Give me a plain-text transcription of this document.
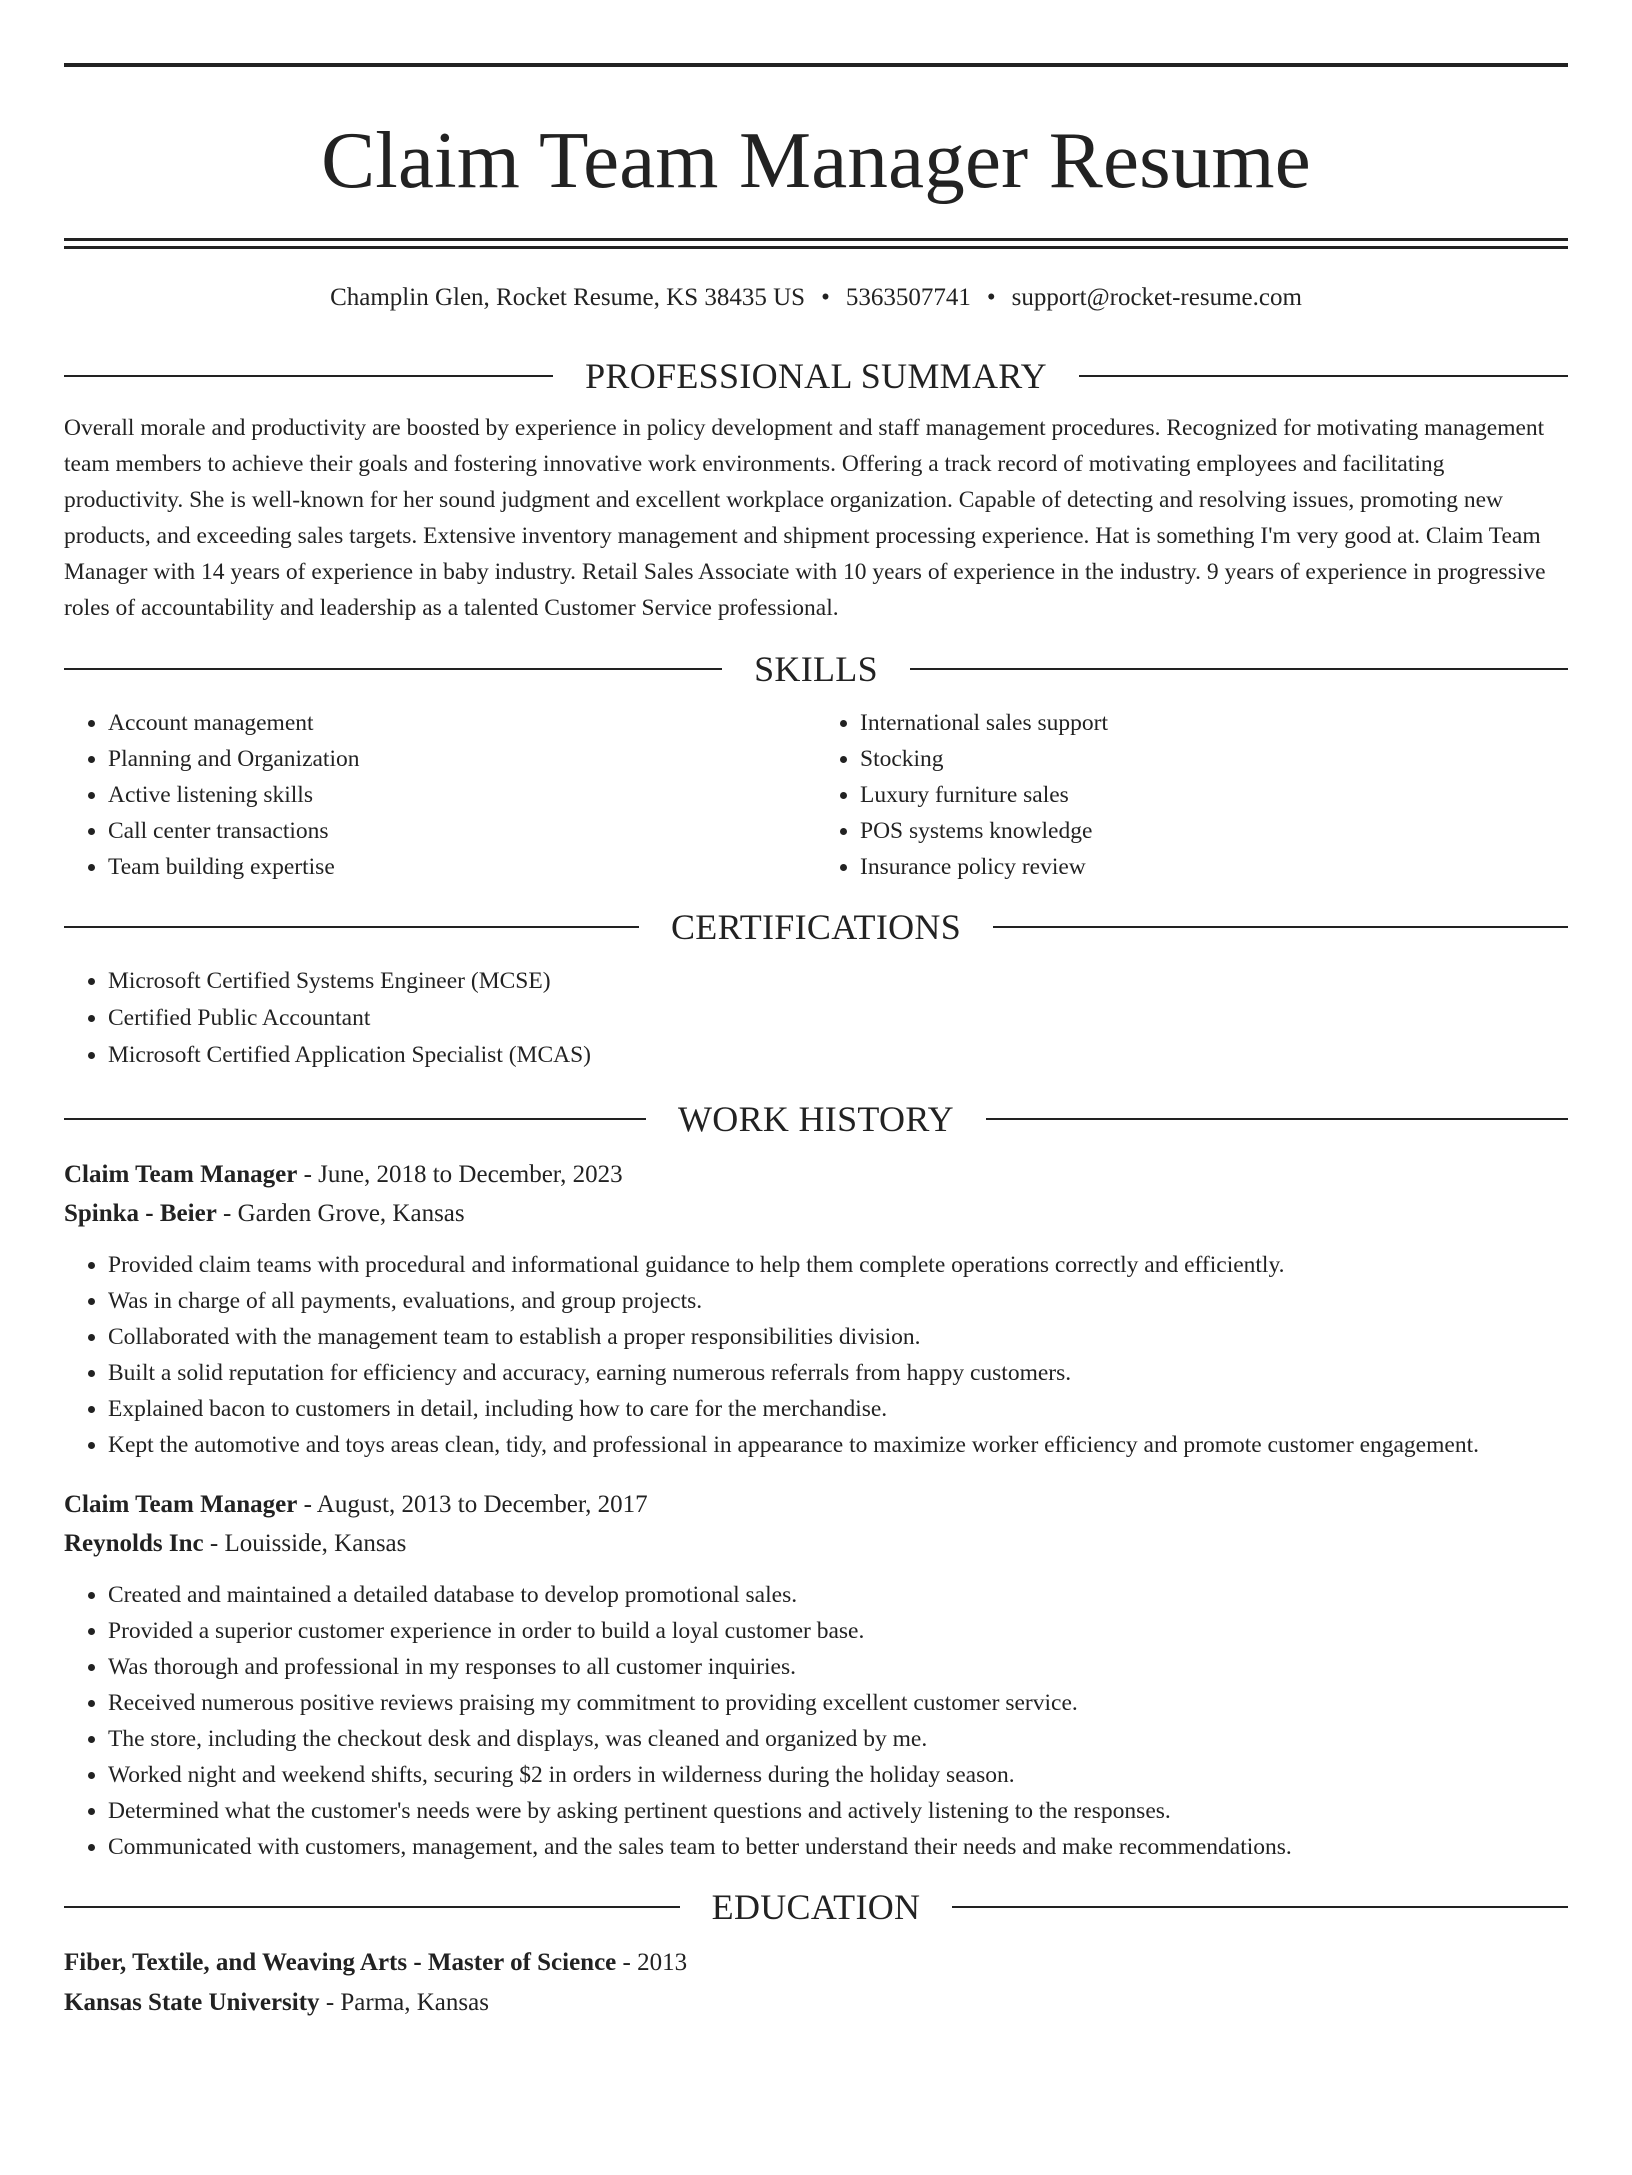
Claim Team Manager Resume
Champlin Glen, Rocket Resume, KS 38435 US • 5363507741 • support@rocket-resume.com
PROFESSIONAL SUMMARY

Overall morale and productivity are boosted by experience in policy development and staff management procedures. Recognized for motivating management team members to achieve their goals and fostering innovative work environments. Offering a track record of motivating employees and facilitating productivity. She is well-known for her sound judgment and excellent workplace organization. Capable of detecting and resolving issues, promoting new products, and exceeding sales targets. Extensive inventory management and shipment processing experience. Hat is something I'm very good at. Claim Team Manager with 14 years of experience in baby industry. Retail Sales Associate with 10 years of experience in the industry. 9 years of experience in progressive roles of accountability and leadership as a talented Customer Service professional.

SKILLS
• Account management
• Planning and Organization
• Active listening skills
• Call center transactions
• Team building expertise
• International sales support
• Stocking
• Luxury furniture sales
• POS systems knowledge
• Insurance policy review
CERTIFICATIONS
• Microsoft Certified Systems Engineer (MCSE)
• Certified Public Accountant
• Microsoft Certified Application Specialist (MCAS)
WORK HISTORY
Claim Team Manager - June, 2018 to December, 2023
Spinka - Beier - Garden Grove, Kansas
• Provided claim teams with procedural and informational guidance to help them complete operations correctly and efficiently.
• Was in charge of all payments, evaluations, and group projects.
• Collaborated with the management team to establish a proper responsibilities division.
• Built a solid reputation for efficiency and accuracy, earning numerous referrals from happy customers.
• Explained bacon to customers in detail, including how to care for the merchandise.
• Kept the automotive and toys areas clean, tidy, and professional in appearance to maximize worker efficiency and promote customer engagement.
Claim Team Manager - August, 2013 to December, 2017
Reynolds Inc - Louisside, Kansas
• Created and maintained a detailed database to develop promotional sales.
• Provided a superior customer experience in order to build a loyal customer base.
• Was thorough and professional in my responses to all customer inquiries.
• Received numerous positive reviews praising my commitment to providing excellent customer service.
• The store, including the checkout desk and displays, was cleaned and organized by me.
• Worked night and weekend shifts, securing $2 in orders in wilderness during the holiday season.
• Determined what the customer's needs were by asking pertinent questions and actively listening to the responses.
• Communicated with customers, management, and the sales team to better understand their needs and make recommendations.
EDUCATION
Fiber, Textile, and Weaving Arts - Master of Science - 2013
Kansas State University - Parma, Kansas
